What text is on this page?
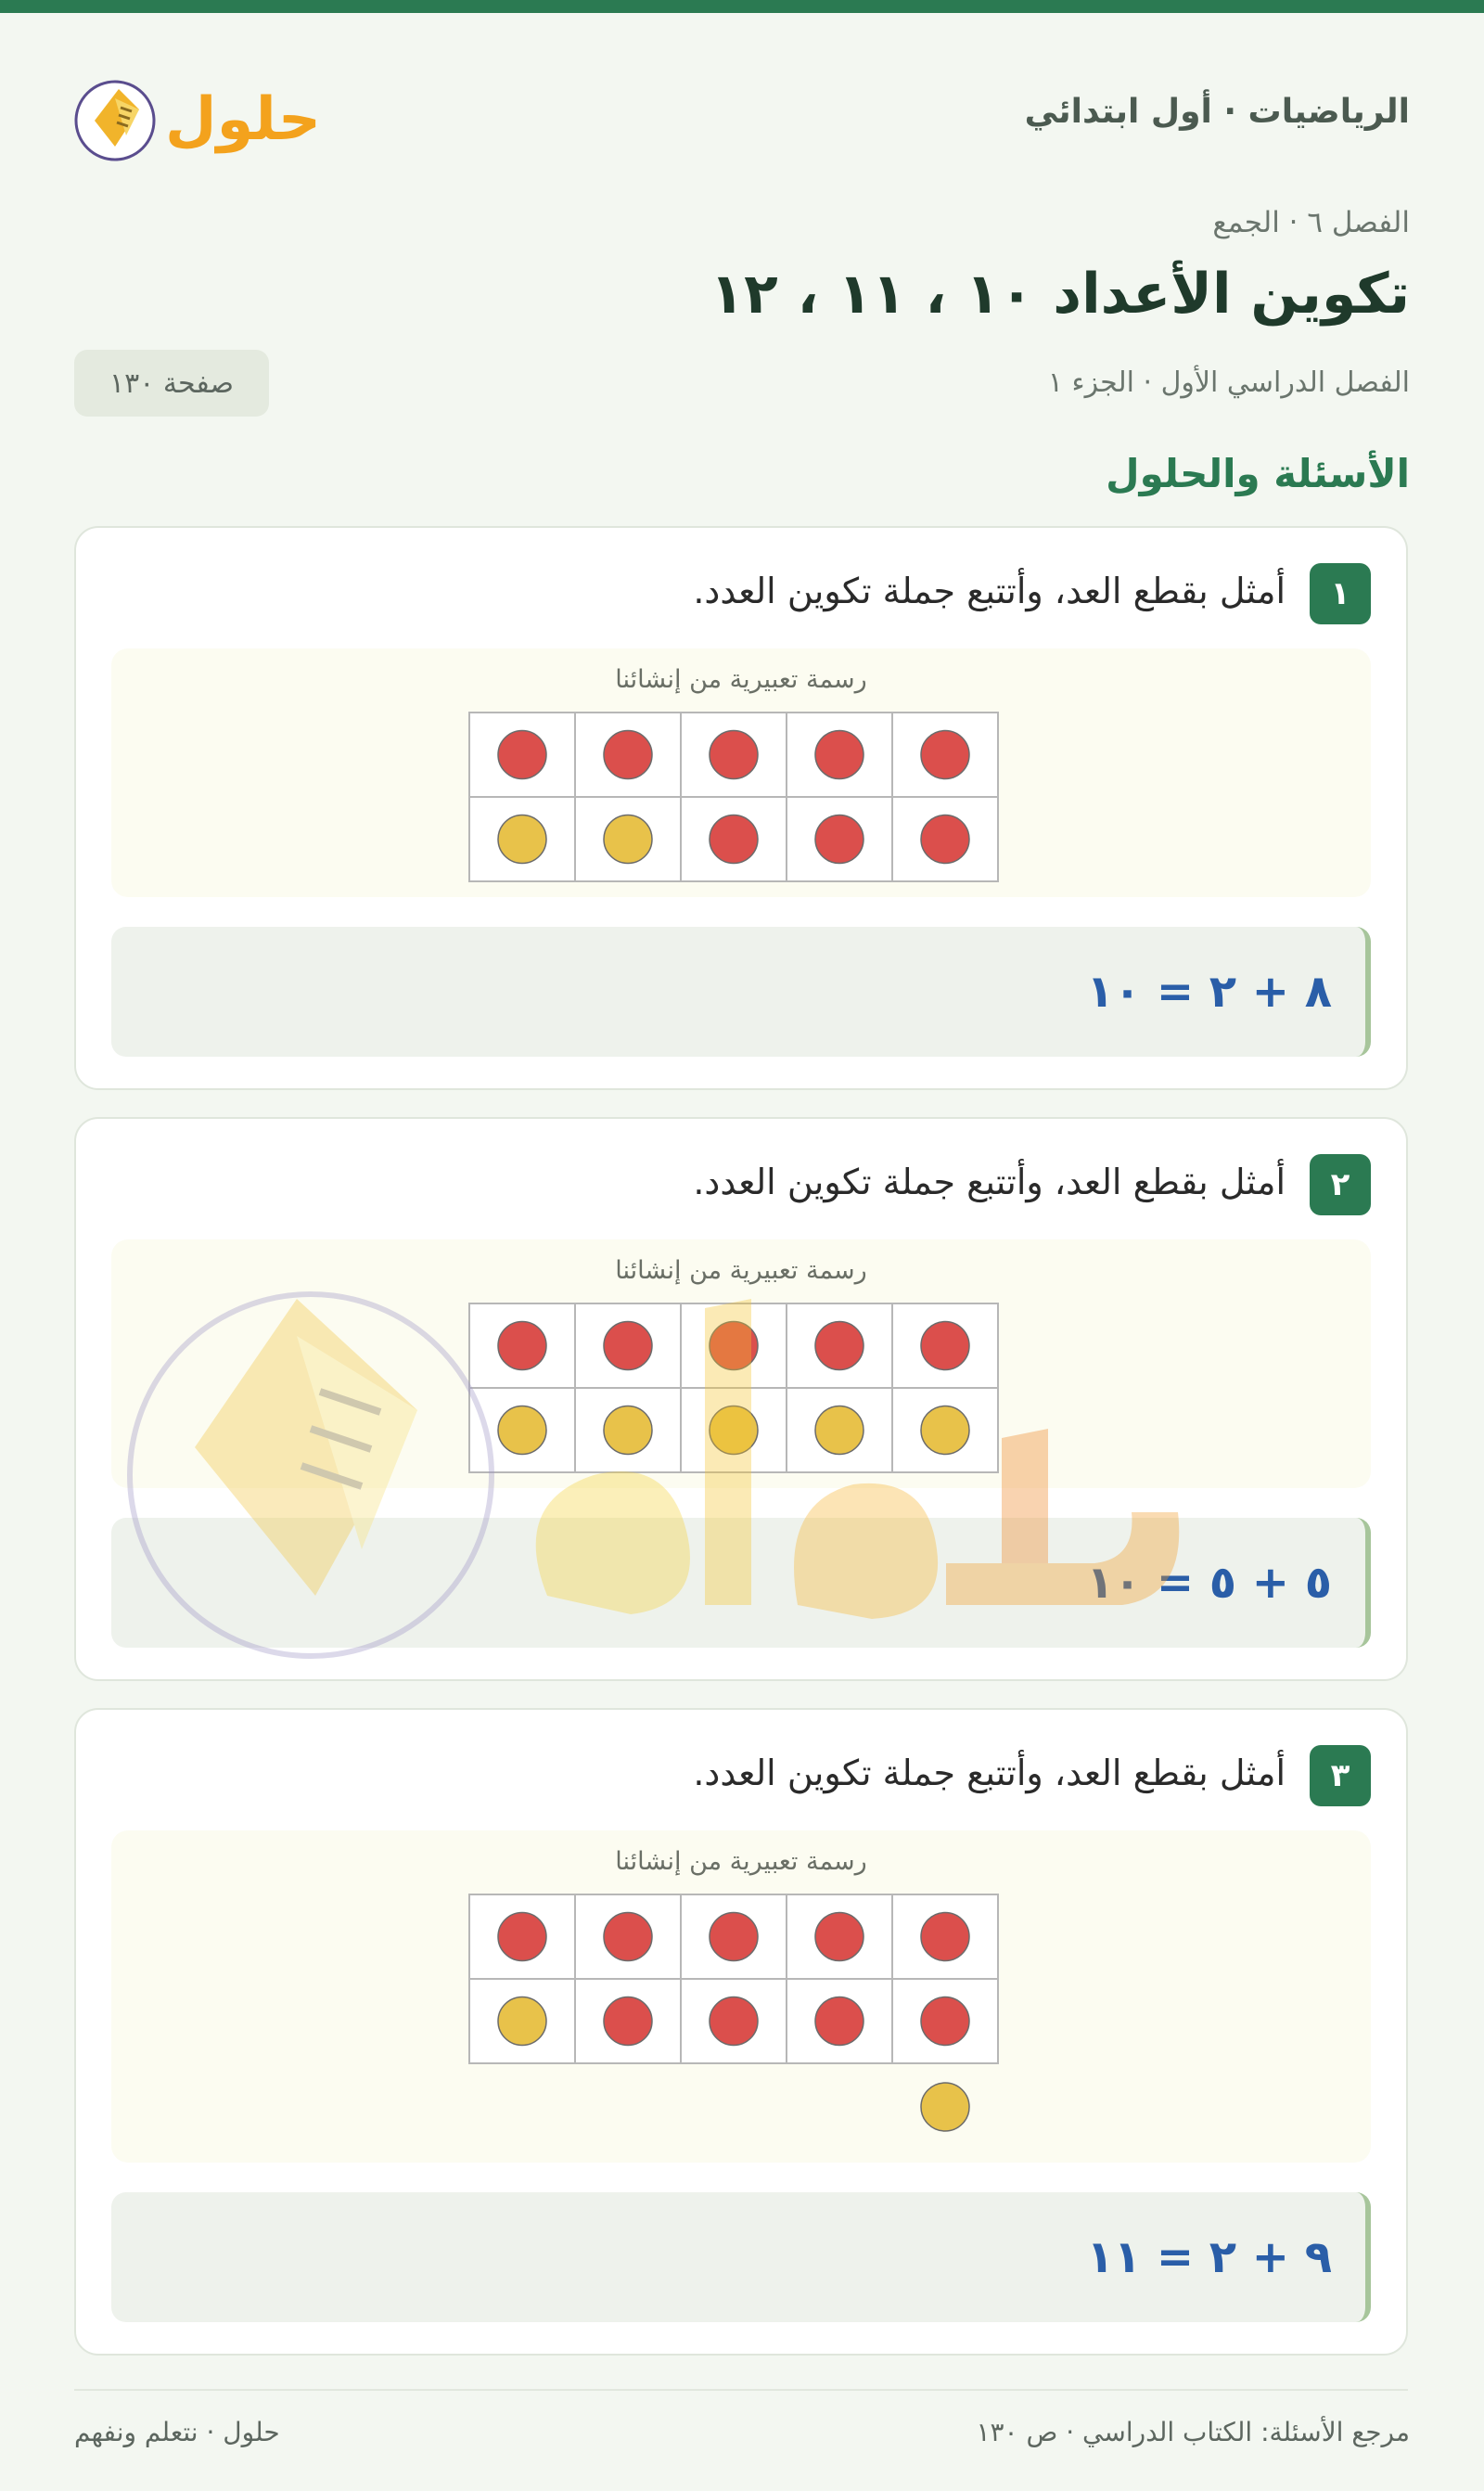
حلول	الرياضيات · أول ابتدائي
الفصل ٦ · الجمع
تكوين الأعداد ١٠ ، ١١ ، ١٢
الفصل الدراسي الأول · الجزء ١
صفحة ١٣٠
الأسئلة والحلول
١
أمثل بقطع العد، وأتتبع جملة تكوين العدد.
رسمة تعبيرية من إنشائنا
٨ + ٢ = ١٠
٢
أمثل بقطع العد، وأتتبع جملة تكوين العدد.
رسمة تعبيرية من إنشائنا
٥ + ٥ = ١٠
٣
أمثل بقطع العد، وأتتبع جملة تكوين العدد.
رسمة تعبيرية من إنشائنا
٩ + ٢ = ١١
مرجع الأسئلة: الكتاب الدراسي · ص ١٣٠
حلول · نتعلم ونفهم
